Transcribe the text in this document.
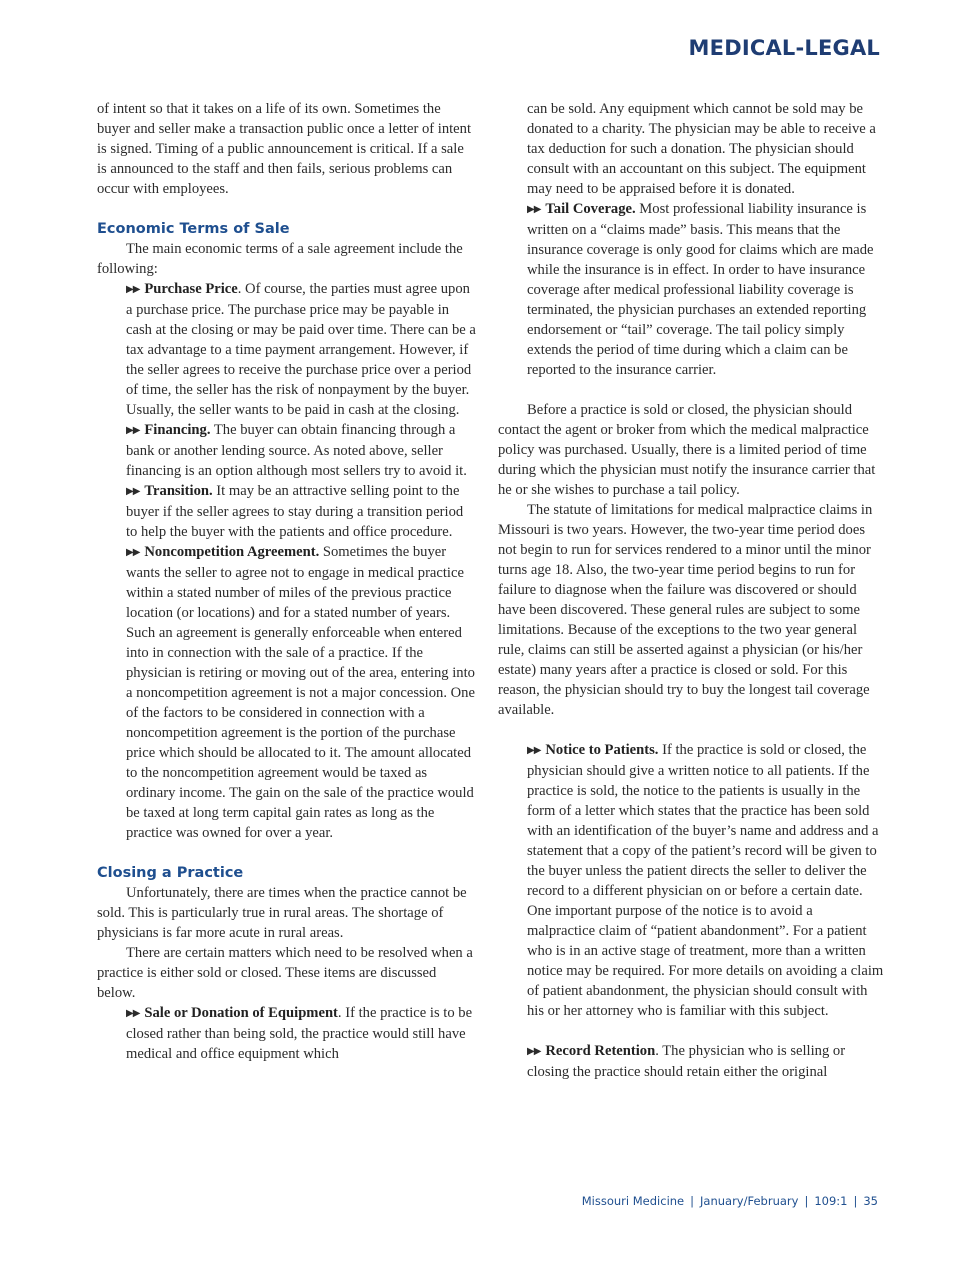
MEDICAL-LEGAL

of intent so that it takes on a life of its own. Sometimes the buyer and seller make a transaction public once a letter of intent is signed. Timing of a public announcement is critical. If a sale is announced to the staff and then fails, serious problems can occur with employees.

Economic Terms of Sale

The main economic terms of a sale agreement include the following:

▶▶ Purchase Price. Of course, the parties must agree upon a purchase price. The purchase price may be payable in cash at the closing or may be paid over time. There can be a tax advantage to a time payment arrangement. However, if the seller agrees to receive the purchase price over a period of time, the seller has the risk of nonpayment by the buyer. Usually, the seller wants to be paid in cash at the closing.

▶▶ Financing. The buyer can obtain financing through a bank or another lending source. As noted above, seller financing is an option although most sellers try to avoid it.

▶▶ Transition. It may be an attractive selling point to the buyer if the seller agrees to stay during a transition period to help the buyer with the patients and office procedure.

▶▶ Noncompetition Agreement. Sometimes the buyer wants the seller to agree not to engage in medical practice within a stated number of miles of the previous practice location (or locations) and for a stated number of years. Such an agreement is generally enforceable when entered into in connection with the sale of a practice. If the physician is retiring or moving out of the area, entering into a noncompetition agreement is not a major concession. One of the factors to be considered in connection with a noncompetition agreement is the portion of the purchase price which should be allocated to it. The amount allocated to the noncompetition agreement would be taxed as ordinary income. The gain on the sale of the practice would be taxed at long term capital gain rates as long as the practice was owned for over a year.

Closing a Practice

Unfortunately, there are times when the practice cannot be sold. This is particularly true in rural areas. The shortage of physicians is far more acute in rural areas.

There are certain matters which need to be resolved when a practice is either sold or closed. These items are discussed below.

▶▶ Sale or Donation of Equipment. If the practice is to be closed rather than being sold, the practice would still have medical and office equipment which

can be sold. Any equipment which cannot be sold may be donated to a charity. The physician may be able to receive a tax deduction for such a donation. The physician should consult with an accountant on this subject. The equipment may need to be appraised before it is donated.

▶▶ Tail Coverage. Most professional liability insurance is written on a “claims made” basis. This means that the insurance coverage is only good for claims which are made while the insurance is in effect. In order to have insurance coverage after medical professional liability coverage is terminated, the physician purchases an extended reporting endorsement or “tail” coverage. The tail policy simply extends the period of time during which a claim can be reported to the insurance carrier.

Before a practice is sold or closed, the physician should contact the agent or broker from which the medical malpractice policy was purchased. Usually, there is a limited period of time during which the physician must notify the insurance carrier that he or she wishes to purchase a tail policy.

The statute of limitations for medical malpractice claims in Missouri is two years. However, the two-year time period does not begin to run for services rendered to a minor until the minor turns age 18. Also, the two-year time period begins to run for failure to diagnose when the failure was discovered or should have been discovered. These general rules are subject to some limitations. Because of the exceptions to the two year general rule, claims can still be asserted against a physician (or his/her estate) many years after a practice is closed or sold. For this reason, the physician should try to buy the longest tail coverage available.

▶▶ Notice to Patients. If the practice is sold or closed, the physician should give a written notice to all patients. If the practice is sold, the notice to the patients is usually in the form of a letter which states that the practice has been sold with an identification of the buyer’s name and address and a statement that a copy of the patient’s record will be given to the buyer unless the patient directs the seller to deliver the record to a different physician on or before a certain date. One important purpose of the notice is to avoid a malpractice claim of “patient abandonment”. For a patient who is in an active stage of treatment, more than a written notice may be required. For more details on avoiding a claim of patient abandonment, the physician should consult with his or her attorney who is familiar with this subject.

▶▶ Record Retention. The physician who is selling or closing the practice should retain either the original

Missouri Medicine | January/February | 109:1 | 35
